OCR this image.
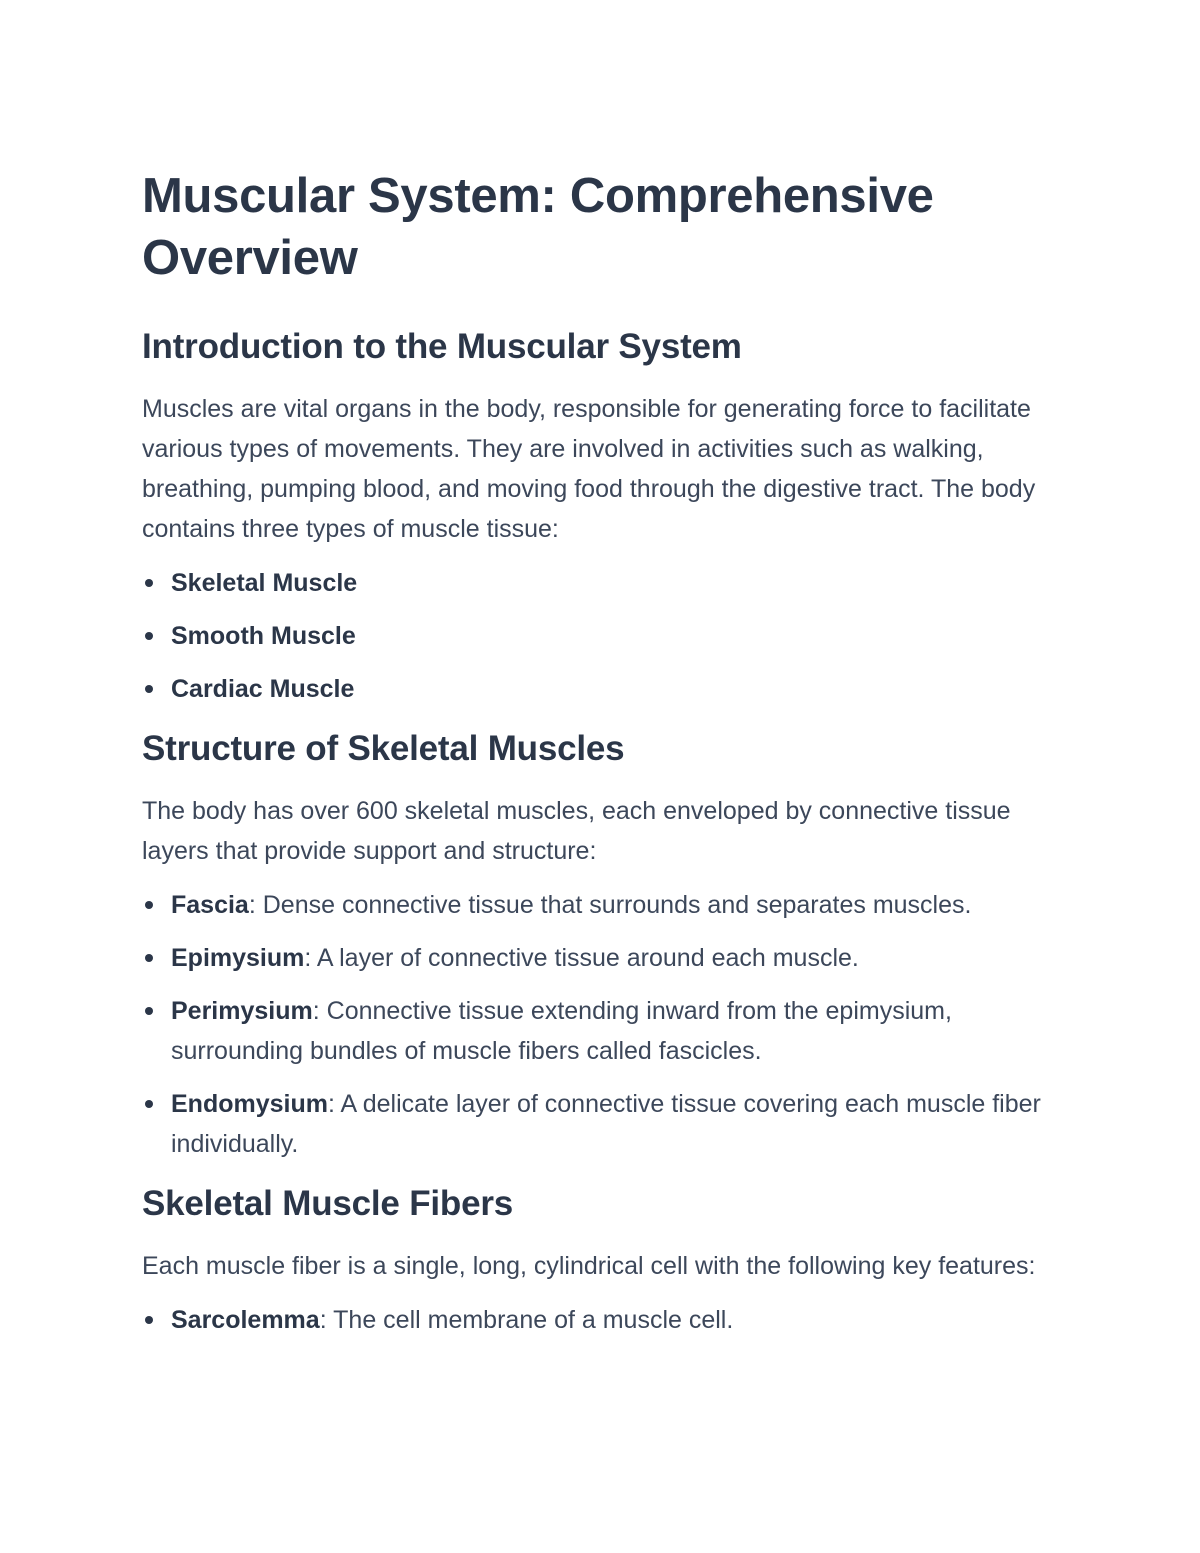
Muscular System: Comprehensive Overview
Introduction to the Muscular System

Muscles are vital organs in the body, responsible for generating force to facilitate various types of movements. They are involved in activities such as walking, breathing, pumping blood, and moving food through the digestive tract. The body contains three types of muscle tissue:

Skeletal Muscle
Smooth Muscle
Cardiac Muscle
Structure of Skeletal Muscles

The body has over 600 skeletal muscles, each enveloped by connective tissue layers that provide support and structure:

Fascia: Dense connective tissue that surrounds and separates muscles.
Epimysium: A layer of connective tissue around each muscle.
Perimysium: Connective tissue extending inward from the epimysium, surrounding bundles of muscle fibers called fascicles.
Endomysium: A delicate layer of connective tissue covering each muscle fiber individually.
Skeletal Muscle Fibers

Each muscle fiber is a single, long, cylindrical cell with the following key features:

Sarcolemma: The cell membrane of a muscle cell.
